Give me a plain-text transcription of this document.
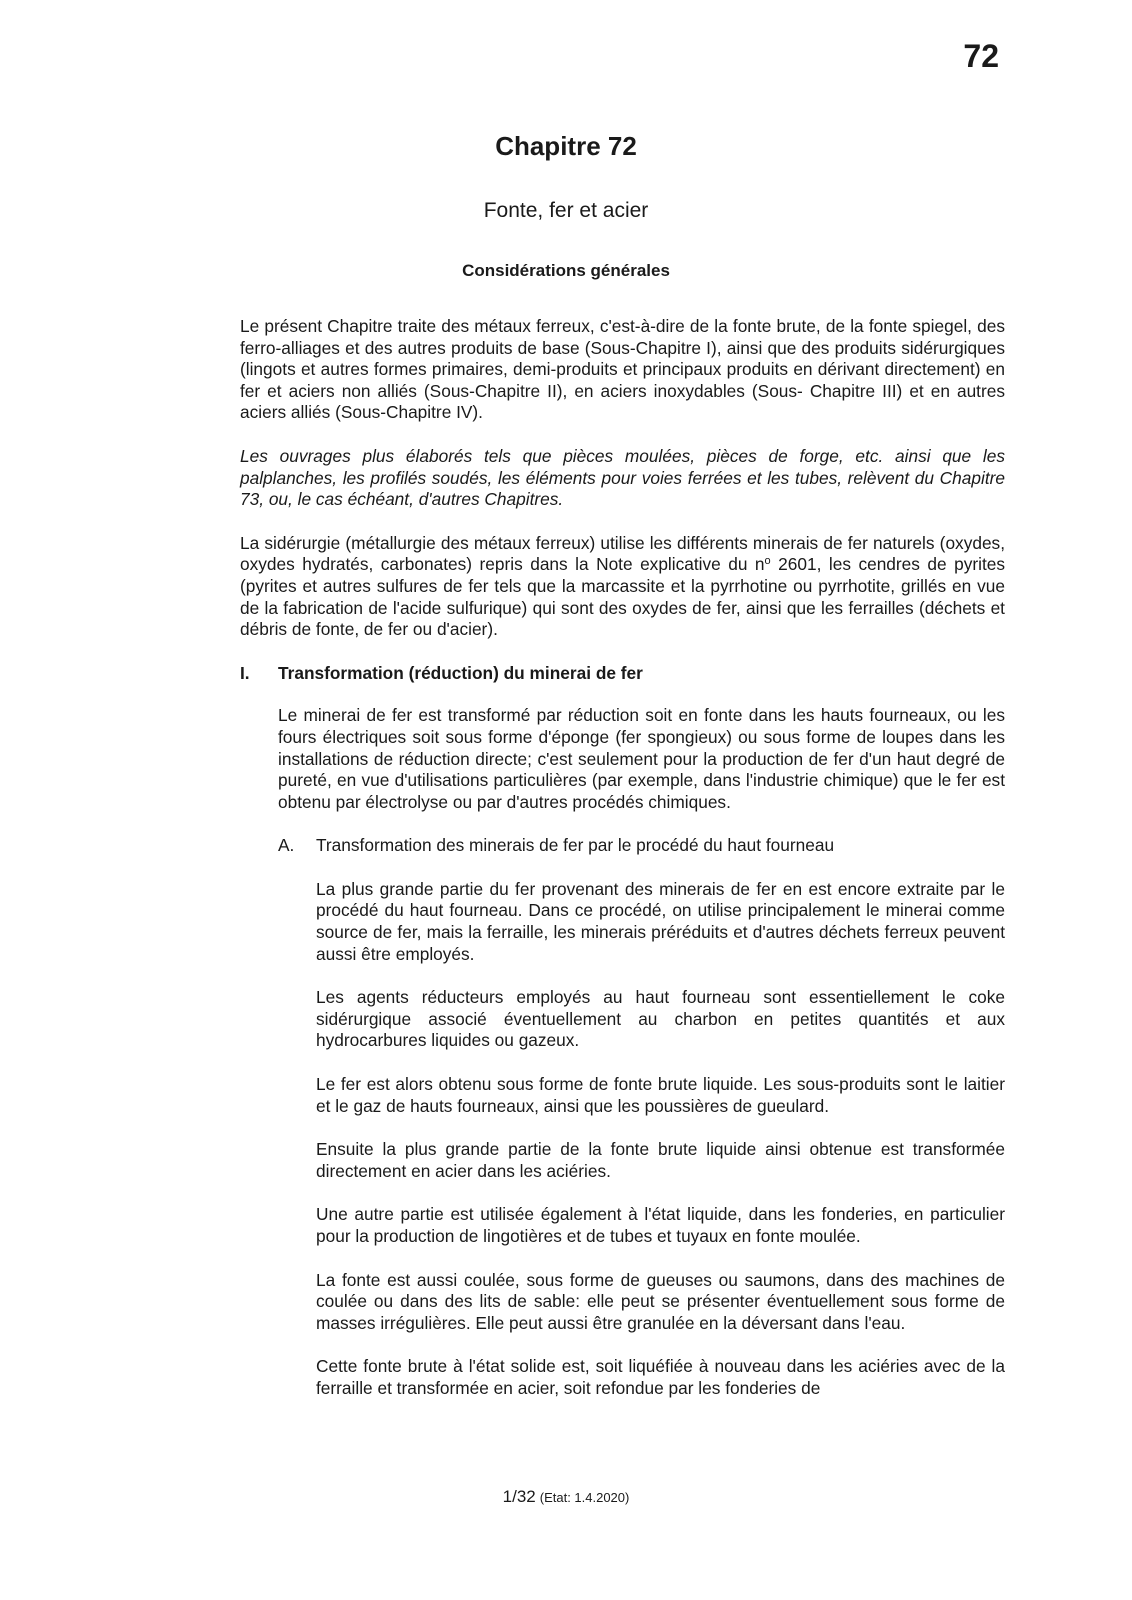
72
Chapitre 72
Fonte, fer et acier
Considérations générales

Le présent Chapitre traite des métaux ferreux, c'est-à-dire de la fonte brute, de la fonte spiegel, des ferro-alliages et des autres produits de base (Sous-Chapitre I), ainsi que des produits sidérurgiques (lingots et autres formes primaires, demi-produits et principaux produits en dérivant directement) en fer et aciers non alliés (Sous-Chapitre II), en aciers inoxydables (Sous- Chapitre III) et en autres aciers alliés (Sous-Chapitre IV).

Les ouvrages plus élaborés tels que pièces moulées, pièces de forge, etc. ainsi que les palplanches, les profilés soudés, les éléments pour voies ferrées et les tubes, relèvent du Chapitre 73, ou, le cas échéant, d'autres Chapitres.

La sidérurgie (métallurgie des métaux ferreux) utilise les différents minerais de fer naturels (oxydes, oxydes hydratés, carbonates) repris dans la Note explicative du $n^o$ 2601, les cendres de pyrites (pyrites et autres sulfures de fer tels que la marcassite et la pyrrhotine ou pyrrhotite, grillés en vue de la fabrication de l'acide sulfurique) qui sont des oxydes de fer, ainsi que les ferrailles (déchets et débris de fonte, de fer ou d'acier).

I.	Transformation (réduction) du minerai de fer

Le minerai de fer est transformé par réduction soit en fonte dans les hauts fourneaux, ou les fours électriques soit sous forme d'éponge (fer spongieux) ou sous forme de loupes dans les installations de réduction directe; c'est seulement pour la production de fer d'un haut degré de pureté, en vue d'utilisations particulières (par exemple, dans l'industrie chimique) que le fer est obtenu par électrolyse ou par d'autres procédés chimiques.

A.	Transformation des minerais de fer par le procédé du haut fourneau

La plus grande partie du fer provenant des minerais de fer en est encore extraite par le procédé du haut fourneau. Dans ce procédé, on utilise principalement le minerai comme source de fer, mais la ferraille, les minerais préréduits et d'autres déchets ferreux peuvent aussi être employés.

Les agents réducteurs employés au haut fourneau sont essentiellement le coke sidérurgique associé éventuellement au charbon en petites quantités et aux hydrocarbures liquides ou gazeux.

Le fer est alors obtenu sous forme de fonte brute liquide. Les sous-produits sont le laitier et le gaz de hauts fourneaux, ainsi que les poussières de gueulard.

Ensuite la plus grande partie de la fonte brute liquide ainsi obtenue est transformée directement en acier dans les aciéries.

Une autre partie est utilisée également à l'état liquide, dans les fonderies, en particulier pour la production de lingotières et de tubes et tuyaux en fonte moulée.

La fonte est aussi coulée, sous forme de gueuses ou saumons, dans des machines de coulée ou dans des lits de sable: elle peut se présenter éventuellement sous forme de masses irrégulières. Elle peut aussi être granulée en la déversant dans l'eau.

Cette fonte brute à l'état solide est, soit liquéfiée à nouveau dans les aciéries avec de la ferraille et transformée en acier, soit refondue par les fonderies de

1/32 (Etat: 1.4.2020)
